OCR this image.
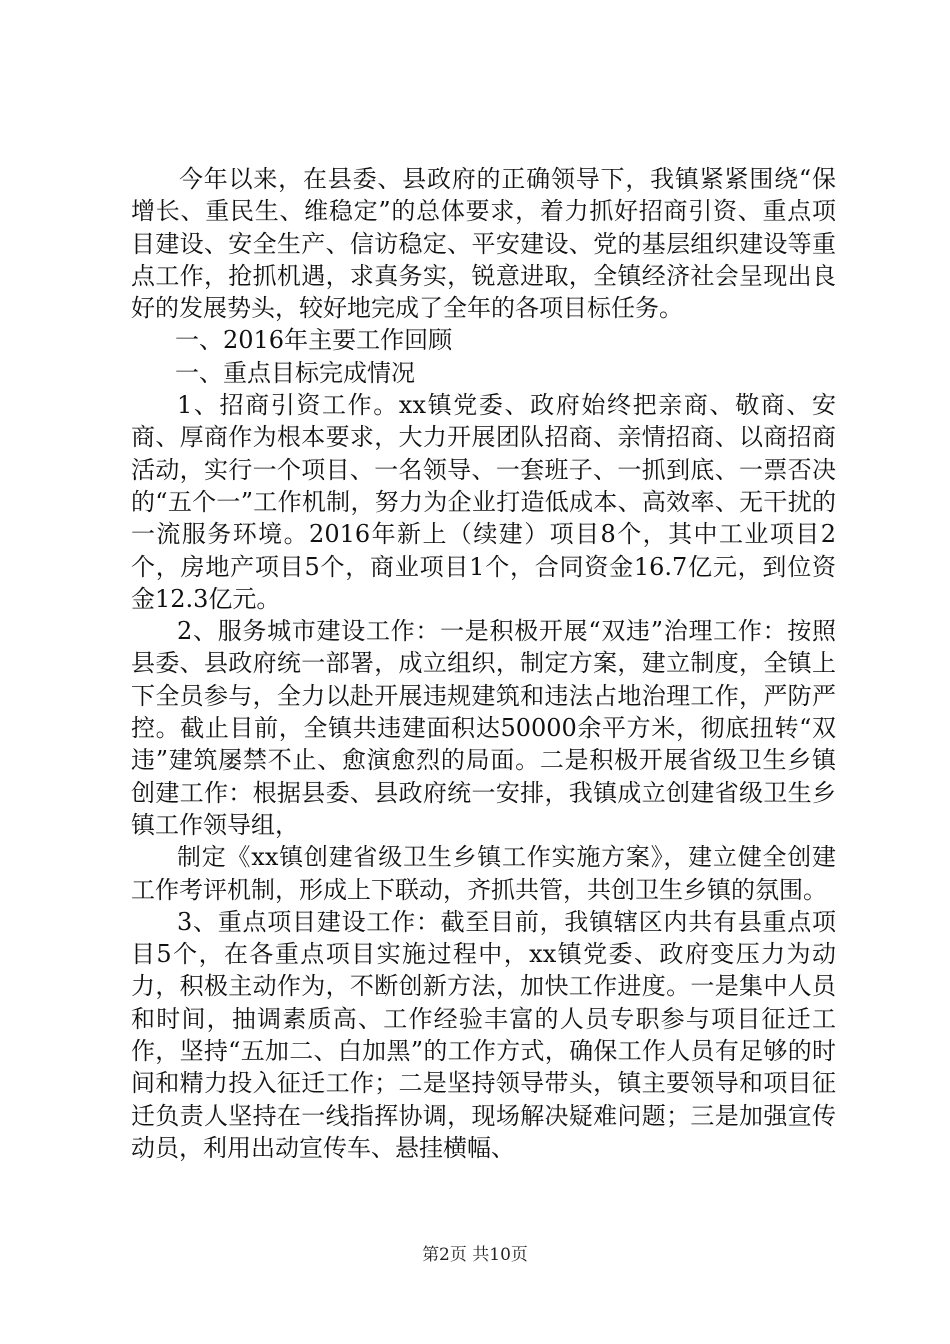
今年以来，在县委、县政府的正确领导下，我镇紧紧围绕“保增长、重民生、维稳定”的总体要求，着力抓好招商引资、重点项目建设、安全生产、信访稳定、平安建设、党的基层组织建设等重点工作，抢抓机遇，求真务实，锐意进取，全镇经济社会呈现出良好的发展势头，较好地完成了全年的各项目标任务。

一、2016年主要工作回顾

一、重点目标完成情况

1、招商引资工作。xx镇党委、政府始终把亲商、敬商、安商、厚商作为根本要求，大力开展团队招商、亲情招商、以商招商活动，实行一个项目、一名领导、一套班子、一抓到底、一票否决的“五个一”工作机制，努力为企业打造低成本、高效率、无干扰的一流服务环境。2016年新上（续建）项目8个，其中工业项目2个，房地产项目5个，商业项目1个，合同资金16.7亿元，到位资金12.3亿元。

2、服务城市建设工作：一是积极开展“双违”治理工作：按照县委、县政府统一部署，成立组织，制定方案，建立制度，全镇上下全员参与，全力以赴开展违规建筑和违法占地治理工作，严防严控。截止目前，全镇共违建面积达50000余平方米，彻底扭转“双违”建筑屡禁不止、愈演愈烈的局面。二是积极开展省级卫生乡镇创建工作：根据县委、县政府统一安排，我镇成立创建省级卫生乡镇工作领导组，

制定《xx镇创建省级卫生乡镇工作实施方案》，建立健全创建工作考评机制，形成上下联动，齐抓共管，共创卫生乡镇的氛围。

3、重点项目建设工作：截至目前，我镇辖区内共有县重点项目5个，在各重点项目实施过程中，xx镇党委、政府变压力为动力，积极主动作为，不断创新方法，加快工作进度。一是集中人员和时间，抽调素质高、工作经验丰富的人员专职参与项目征迁工作，坚持“五加二、白加黑”的工作方式，确保工作人员有足够的时间和精力投入征迁工作；二是坚持领导带头，镇主要领导和项目征迁负责人坚持在一线指挥协调，现场解决疑难问题；三是加强宣传动员，利用出动宣传车、悬挂横幅、

第2页 共10页
